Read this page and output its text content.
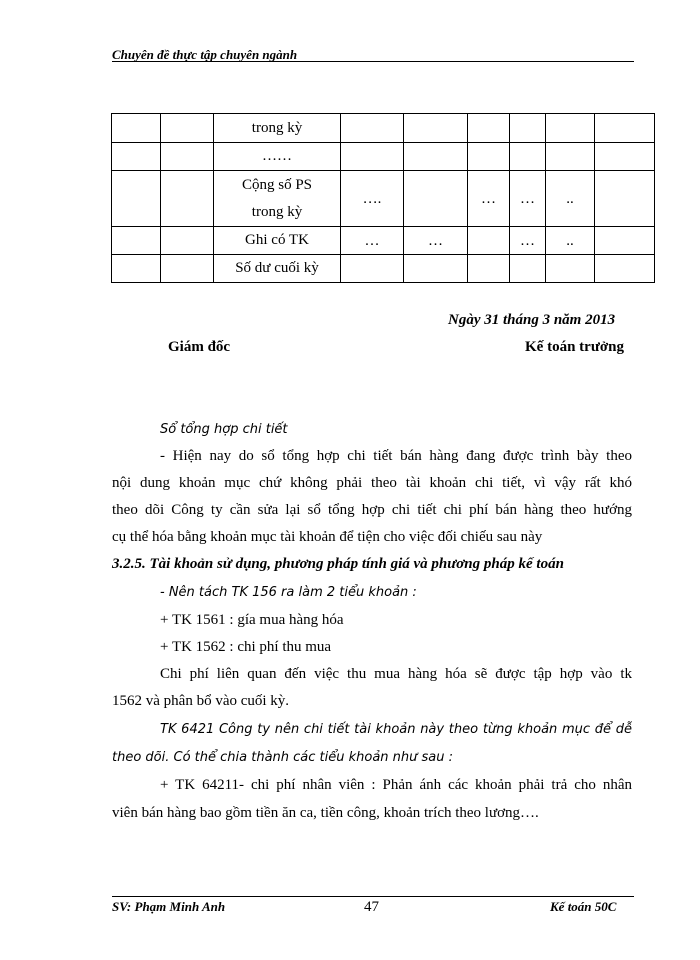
Chuyên đề thực tập chuyên ngành
		trong kỳ						
		……						
		Cộng số PS trong kỳ	….		…	…	..	
		Ghi có TK	…	…		…	..	
		Số dư cuối kỳ						
Ngày 31 tháng 3 năm 2013
Giám đốc	Kế toán trưởng
Sổ tổng hợp chi tiết
- Hiện nay do sổ tổng hợp chi tiết bán hàng đang được trình bày theo
nội dung khoản mục chứ không phải theo tài khoản chi tiết, vì vậy rất khó
theo dõi Công ty cần sửa lại sổ tổng hợp chi tiết chi phí bán hàng theo hướng
cụ thể hóa bằng khoản mục tài khoản để tiện cho việc đối chiếu sau này
3.2.5. Tài khoản sử dụng, phương pháp tính giá và phương pháp kế toán
- Nên tách TK 156 ra làm 2 tiểu khoản :
+ TK 1561 : gía mua hàng hóa
+ TK 1562 : chi phí thu mua
Chi phí liên quan đến việc thu mua hàng hóa sẽ được tập hợp vào tk
1562 và phân bổ vào cuối kỳ.
TK 6421 Công ty nên chi tiết tài khoản này theo từng khoản mục để dễ
theo dõi. Có thể chia thành các tiểu khoản như sau :
+ TK 64211- chi phí nhân viên : Phản ánh các khoản phải trả cho nhân
viên bán hàng bao gồm tiền ăn ca, tiền công, khoản trích theo lương….
SV: Phạm Minh Anh	47	Kế toán 50C
